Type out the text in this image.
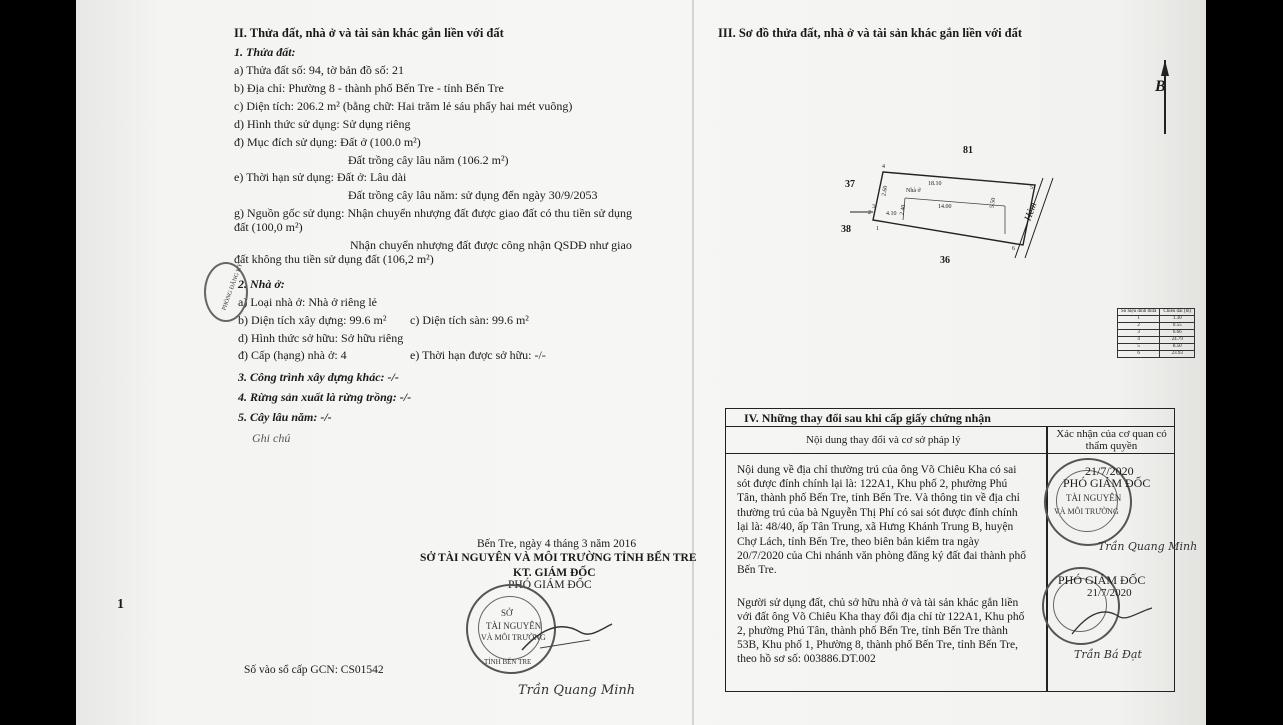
II. Thửa đất, nhà ở và tài sản khác gắn liền với đất
1. Thửa đất:
a) Thửa đất số: 94, tờ bản đồ số: 21
b) Địa chỉ: Phường 8 - thành phố Bến Tre - tỉnh Bến Tre
c) Diện tích: 206.2 m² (bằng chữ: Hai trăm lẻ sáu phẩy hai mét vuông)
d) Hình thức sử dụng: Sử dụng riêng
đ) Mục đích sử dụng: Đất ở (100.0 m²)
Đất trồng cây lâu năm (106.2 m²)
e) Thời hạn sử dụng: Đất ở: Lâu dài
Đất trồng cây lâu năm: sử dụng đến ngày 30/9/2053
g) Nguồn gốc sử dụng: Nhận chuyển nhượng đất được giao đất có thu tiền sử dụng
đất (100,0 m²)
Nhận chuyển nhượng đất được công nhận QSDĐ như giao
đất không thu tiền sử dụng đất (106,2 m²)
2. Nhà ở:
a) Loại nhà ở: Nhà ở riêng lẻ
b) Diện tích xây dựng: 99.6 m² c) Diện tích sàn: 99.6 m²
d) Hình thức sở hữu: Sở hữu riêng
đ) Cấp (hạng) nhà ở: 4	e) Thời hạn được sở hữu: -/-
3. Công trình xây dựng khác: -/-
4. Rừng sản xuất là rừng trồng: -/-
5. Cây lâu năm: -/-
Ghi chú
PHÒNG ĐĂNG KÝ
Bến Tre, ngày 4 tháng 3 năm 2016
SỞ TÀI NGUYÊN VÀ MÔI TRƯỜNG TỈNH BẾN TRE
KT. GIÁM ĐỐC
PHÓ GIÁM ĐỐC
SỞ
TÀI NGUYÊN
VÀ MÔI TRƯỜNG
TỈNH BẾN TRE
Trần Quang Minh
Số vào sổ cấp GCN: CS01542
1
III. Sơ đồ thửa đất, nhà ở và tài sản khác gắn liền với đất
B
81
37
38
36
Hẻm
Nhà ở
18.10
14.00	5.50
4.10 2.40
2.60
1
2
3
4
5
6
Số hiệu đỉnh thửa	Chiều dài (m)
1	1.30
2	0.55
3	6.66
4	24.79
5	8.50
6	23.93
IV. Những thay đổi sau khi cấp giấy chứng nhận
Nội dung thay đổi và cơ sở pháp lý	Xác nhận của cơ quan có thẩm quyền
Nội dung về địa chỉ thường trú của ông Võ Chiêu Kha có sai
sót được đính chính lại là: 122A1, Khu phố 2, phường Phú
Tân, thành phố Bến Tre, tỉnh Bến Tre. Và thông tin về địa chỉ
thường trú của bà Nguyễn Thị Phí có sai sót được đính chính
lại là: 48/40, ấp Tân Trung, xã Hưng Khánh Trung B, huyện
Chợ Lách, tỉnh Bến Tre, theo biên bản kiểm tra ngày
20/7/2020 của Chi nhánh văn phòng đăng ký đất đai thành phố
Bến Tre.
Người sử dụng đất, chủ sở hữu nhà ở và tài sản khác gắn liền
với đất ông Võ Chiêu Kha thay đổi địa chỉ từ 122A1, Khu phố
2, phường Phú Tân, thành phố Bến Tre, tỉnh Bến Tre thành
53B, Khu phố 1, Phường 8, thành phố Bến Tre, tỉnh Bến Tre,
theo hồ sơ số: 003886.DT.002
TÀI NGUYÊN
VÀ MÔI TRƯỜNG
21/7/2020
PHÓ GIÁM ĐỐC
Trần Quang Minh
PHÓ GIÁM ĐỐC
21/7/2020
Trần Bá Đạt
